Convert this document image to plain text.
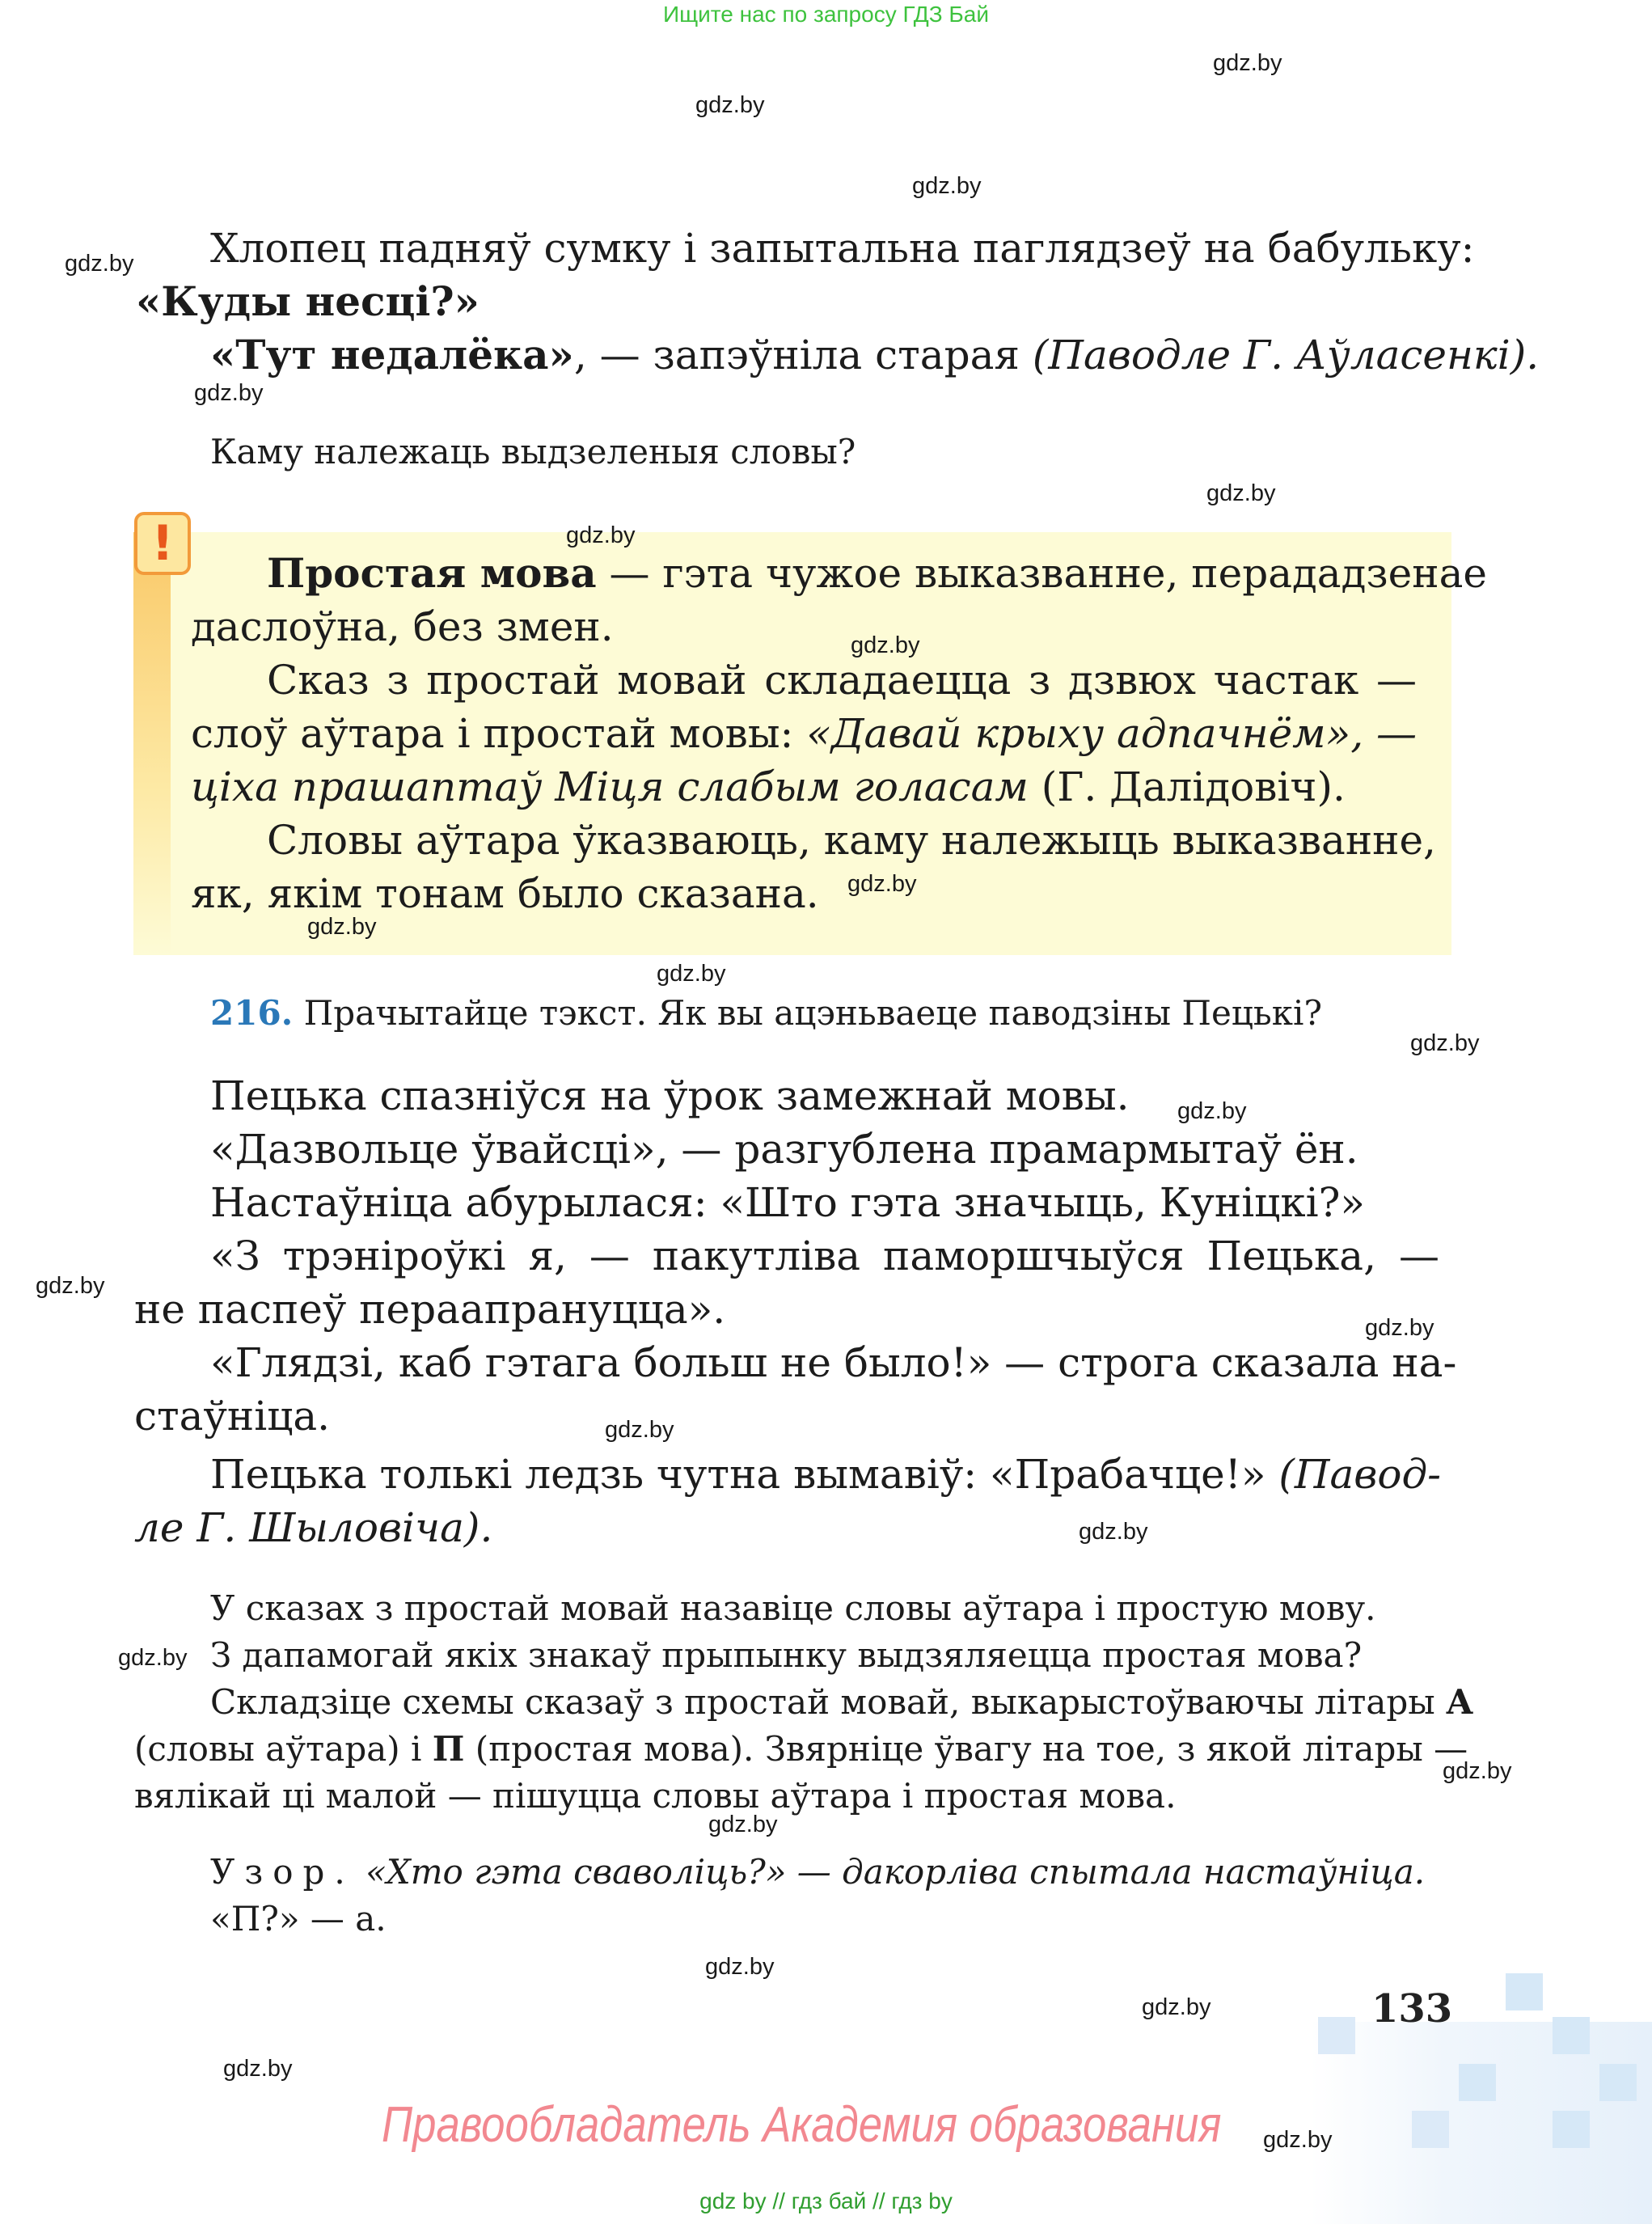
Ищите нас по запросу ГДЗ Бай
gdz.by
gdz.by
gdz.by
gdz.by
gdz.by
gdz.by
Хлопец падняў сумку і запытальна паглядзеў на бабульку:
«Куды несці?»
«Тут недалёка», — запэўніла старая (Паводле Г. Аўласенкі).
Каму належаць выдзеленыя словы?
!	gdz.by
gdz.by
gdz.by
gdz.by
Простая мова — гэта чужое выказванне, перададзенае
даслоўна, без змен.
Сказ з простай мовай складаецца з дзвюх частак —
слоў аўтара і простай мовы: «Давай крыху адпачнём», —
ціха прашаптаў Міця слабым голасам (Г. Далідовіч).
Словы аўтара ўказваюць, каму належыць выказванне,
як, якім тонам было сказана.
gdz.by
216. Прачытайце тэкст. Як вы ацэньваеце паводзіны Пецькі?
gdz.by
gdz.by
Пецька спазніўся на ўрок замежнай мовы.
«Дазвольце ўвайсці», — разгублена прамармытаў ён.
Настаўніца абурылася: «Што гэта значыць, Куніцкі?»
«З трэніроўкі я, — пакутліва паморшчыўся Пецька, —
gdz.by не паспеў пераапрануцца».	gdz.by
«Глядзі, каб гэтага больш не было!» — строга сказала на-
стаўніца.	gdz.by
Пецька толькі ледзь чутна вымавіў: «Прабачце!» (Павод-
ле Г. Шыловіча).	gdz.by
У сказах з простай мовай назавіце словы аўтара і простую мову.
gdz.by З дапамогай якіх знакаў прыпынку выдзяляецца простая мова?
Складзіце схемы сказаў з простай мовай, выкарыстоўваючы літары А
(словы аўтара) і П (простая мова). Звярніце ўвагу на тое, з якой літары —
gdz.by
вялікай ці малой — пішуцца словы аўтара і простая мова.
gdz.by
Узор. «Хто гэта сваволіць?» — дакорліва спытала настаўніца.
«П?» — а.
gdz.by
gdz.by	133
gdz.by
Правообладатель Академия образования gdz.by
gdz by // гдз бай // гдз by
